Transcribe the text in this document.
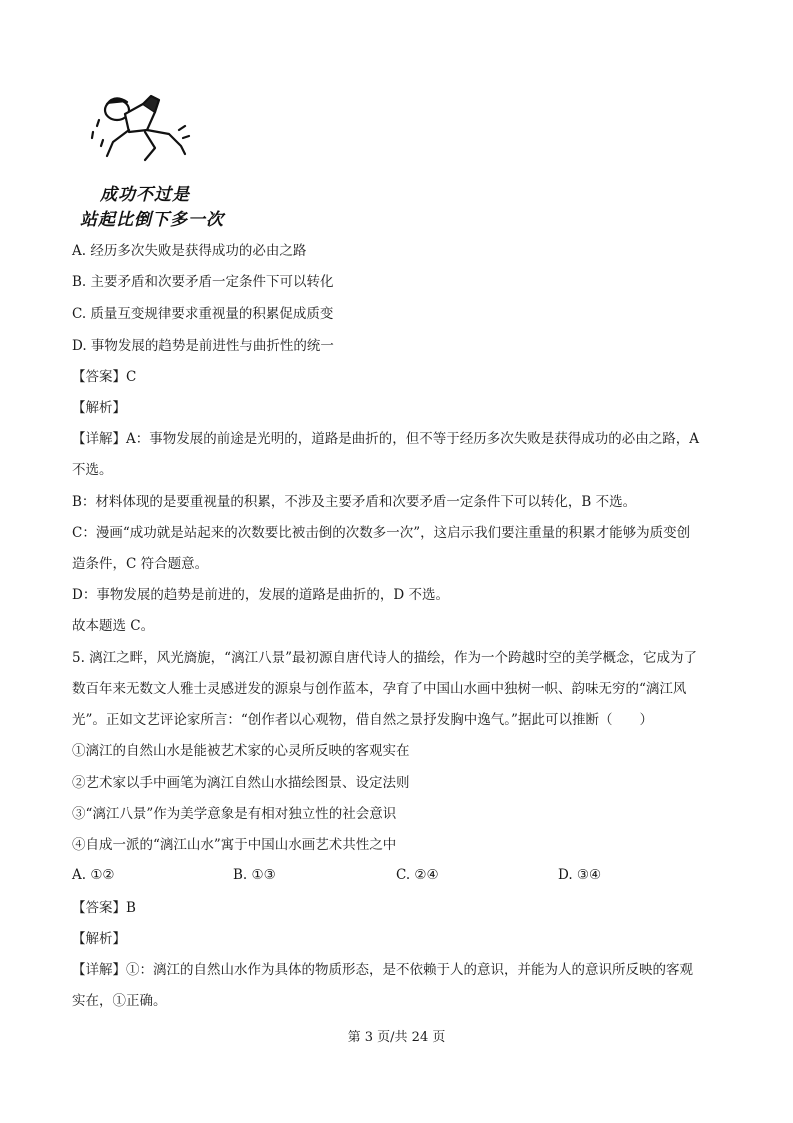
成功不过是
站起比倒下多一次
A. 经历多次失败是获得成功的必由之路
B. 主要矛盾和次要矛盾一定条件下可以转化
C. 质量互变规律要求重视量的积累促成质变
D. 事物发展的趋势是前进性与曲折性的统一
【答案】C
【解析】
【详解】A：事物发展的前途是光明的，道路是曲折的，但不等于经历多次失败是获得成功的必由之路，A
不选。
B：材料体现的是要重视量的积累，不涉及主要矛盾和次要矛盾一定条件下可以转化，B 不选。
C：漫画“成功就是站起来的次数要比被击倒的次数多一次”，这启示我们要注重量的积累才能够为质变创
造条件，C 符合题意。
D：事物发展的趋势是前进的，发展的道路是曲折的，D 不选。
故本题选 C。
5. 漓江之畔，风光旖旎，“漓江八景”最初源自唐代诗人的描绘，作为一个跨越时空的美学概念，它成为了
数百年来无数文人雅士灵感迸发的源泉与创作蓝本，孕育了中国山水画中独树一帜、韵味无穷的“漓江风
光”。正如文艺评论家所言：“创作者以心观物，借自然之景抒发胸中逸气。”据此可以推断（　　）
①漓江的自然山水是能被艺术家的心灵所反映的客观实在
②艺术家以手中画笔为漓江自然山水描绘图景、设定法则
③“漓江八景”作为美学意象是有相对独立性的社会意识
④自成一派的“漓江山水”寓于中国山水画艺术共性之中
A. ①②	B. ①③	C. ②④	D. ③④
【答案】B
【解析】
【详解】①：漓江的自然山水作为具体的物质形态，是不依赖于人的意识，并能为人的意识所反映的客观
实在，①正确。
第 3 页/共 24 页
